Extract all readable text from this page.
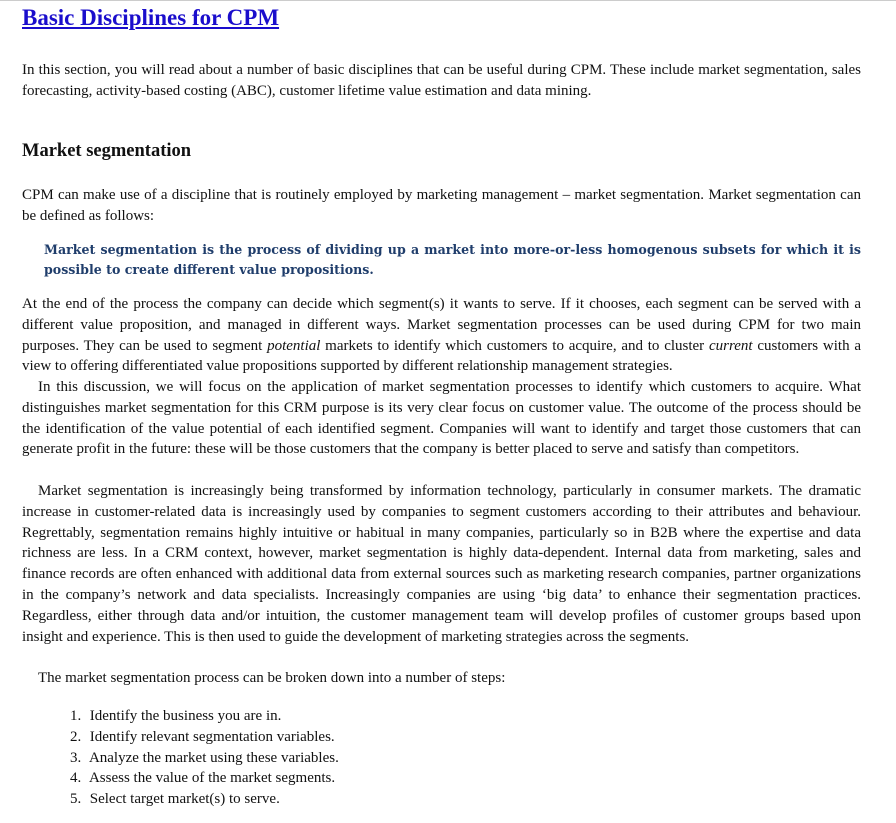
Basic Disciplines for CPM

In this section, you will read about a number of basic disciplines that can be useful during CPM. These include market segmentation, sales forecasting, activity-based costing (ABC), customer lifetime value estimation and data mining.

Market segmentation

CPM can make use of a discipline that is routinely employed by marketing management – market segmentation. Market segmentation can be defined as follows:

Market segmentation is the process of dividing up a market into more-or-less homogenous subsets for which it is possible to create different value propositions.

At the end of the process the company can decide which segment(s) it wants to serve. If it chooses, each segment can be served with a different value proposition, and managed in different ways. Market segmentation processes can be used during CPM for two main purposes. They can be used to segment potential markets to identify which customers to acquire, and to cluster current customers with a view to offering differentiated value propositions supported by different relationship management strategies.

In this discussion, we will focus on the application of market segmentation processes to identify which customers to acquire. What distinguishes market segmentation for this CRM purpose is its very clear focus on customer value. The outcome of the process should be the identification of the value potential of each identified segment. Companies will want to identify and target those customers that can generate profit in the future: these will be those customers that the company is better placed to serve and satisfy than competitors.

Market segmentation is increasingly being transformed by information technology, particularly in consumer markets. The dramatic increase in customer-related data is increasingly used by companies to segment customers according to their attributes and behaviour. Regrettably, segmentation remains highly intuitive or habitual in many companies, particularly so in B2B where the expertise and data richness are less. In a CRM context, however, market segmentation is highly data-dependent. Internal data from marketing, sales and finance records are often enhanced with additional data from external sources such as marketing research companies, partner organizations in the company’s network and data specialists. Increasingly companies are using ‘big data’ to enhance their segmentation practices. Regardless, either through data and/or intuition, the customer management team will develop profiles of customer groups based upon insight and experience. This is then used to guide the development of marketing strategies across the segments.

The market segmentation process can be broken down into a number of steps:

1. Identify the business you are in.
2. Identify relevant segmentation variables.
3. Analyze the market using these variables.
4. Assess the value of the market segments.
5. Select target market(s) to serve.
